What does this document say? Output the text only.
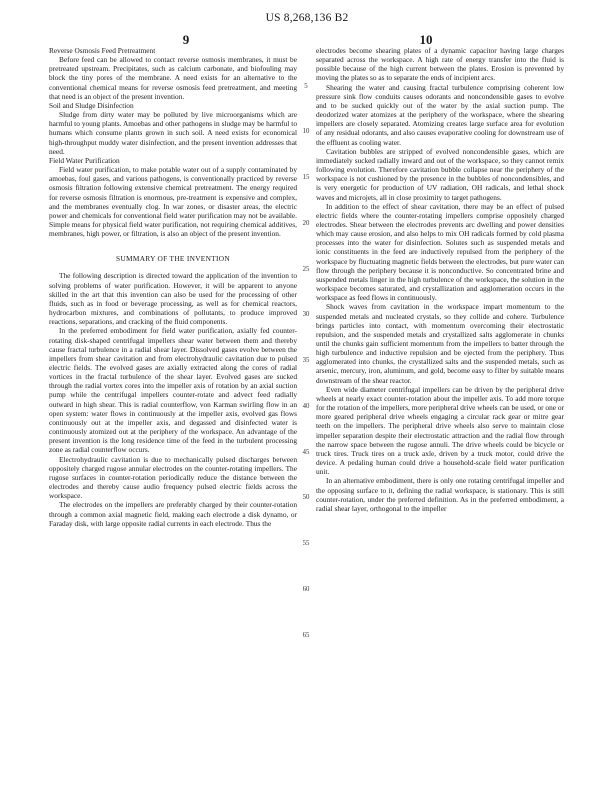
US 8,268,136 B2
9	10

Reverse Osmosis Feed Pretreatment

Before feed can be allowed to contact reverse osmosis membranes, it must be pretreated upstream. Precipitates, such as calcium carbonate, and biofouling may block the tiny pores of the membrane. A need exists for an alternative to the conventional chemical means for reverse osmosis feed pretreatment, and meeting that need is an object of the present invention.

Soil and Sludge Disinfection

Sludge from dirty water may be polluted by live microorganisms which are harmful to young plants. Amoebas and other pathogens in sludge may be harmful to humans which consume plants grown in such soil. A need exists for economical high-throughput muddy water disinfection, and the present invention addresses that need.

Field Water Purification

Field water purification, to make potable water out of a supply contaminated by amoebas, foul gases, and various pathogens, is conventionally practiced by reverse osmosis filtration following extensive chemical pretreatment. The energy required for reverse osmosis filtration is enormous, pre-treatment is expensive and complex, and the membranes eventually clog. In war zones, or disaster areas, the electric power and chemicals for conventional field water purification may not be available. Simple means for physical field water purification, not requiring chemical additives, membranes, high power, or filtration, is also an object of the present invention.

SUMMARY OF THE INVENTION

The following description is directed toward the application of the invention to solving problems of water purification. However, it will be apparent to anyone skilled in the art that this invention can also be used for the processing of other fluids, such as in food or beverage processing, as well as for chemical reactors, hydrocarbon mixtures, and combinations of pollutants, to produce improved reactions, separations, and cracking of the fluid components.

In the preferred embodiment for field water purification, axially fed counter-rotating disk-shaped centrifugal impellers shear water between them and thereby cause fractal turbulence in a radial shear layer. Dissolved gases evolve between the impellers from shear cavitation and from electrohydraulic cavitation due to pulsed electric fields. The evolved gases are axially extracted along the cores of radial vortices in the fractal turbulence of the shear layer. Evolved gases are sucked through the radial vortex cores into the impeller axis of rotation by an axial suction pump while the centrifugal impellers counter-rotate and advect feed radially outward in high shear. This is radial counterflow, von Karman swirling flow in an open system: water flows in continuously at the impeller axis, evolved gas flows continuously out at the impeller axis, and degassed and disinfected water is continuously atomized out at the periphery of the workspace. An advantage of the present invention is the long residence time of the feed in the turbulent processing zone as radial counterflow occurs.

Electrohydraulic cavitation is due to mechanically pulsed discharges between oppositely charged rugose annular electrodes on the counter-rotating impellers. The rugose surfaces in counter-rotation periodically reduce the distance between the electrodes and thereby cause audio frequency pulsed electric fields across the workspace.

The electrodes on the impellers are preferably charged by their counter-rotation through a common axial magnetic field, making each electrode a disk dynamo, or Faraday disk, with large opposite radial currents in each electrode. Thus the

electrodes become shearing plates of a dynamic capacitor having large charges separated across the workspace. A high rate of energy transfer into the fluid is possible because of the high current between the plates. Erosion is prevented by moving the plates so as to separate the ends of incipient arcs.

Shearing the water and causing fractal turbulence comprising coherent low pressure sink flow conduits causes odorants and noncondensible gases to evolve and to be sucked quickly out of the water by the axial suction pump. The deodorized water atomizes at the periphery of the workspace, where the shearing impellers are closely separated. Atomizing creates large surface area for evolution of any residual odorants, and also causes evaporative cooling for downstream use of the effluent as cooling water.

Cavitation bubbles are stripped of evolved noncondensible gases, which are immediately sucked radially inward and out of the workspace, so they cannot remix following evolution. Therefore cavitation bubble collapse near the periphery of the workspace is not cushioned by the presence in the bubbles of noncondensibles, and is very energetic for production of UV radiation, OH radicals, and lethal shock waves and microjets, all in close proximity to target pathogens.

In addition to the effect of shear cavitation, there may be an effect of pulsed electric fields where the counter-rotating impellers comprise oppositely charged electrodes. Shear between the electrodes prevents arc dwelling and power densities which may cause erosion, and also helps to mix OH radicals formed by cold plasma processes into the water for disinfection. Solutes such as suspended metals and ionic constituents in the feed are inductively repulsed from the periphery of the workspace by fluctuating magnetic fields between the electrodes, but pure water can flow through the periphery because it is nonconductive. So concentrated brine and suspended metals linger in the high turbulence of the workspace, the solution in the workspace becomes saturated, and crystallization and agglomeration occurs in the workspace as feed flows in continuously.

Shock waves from cavitation in the workspace impart momentum to the suspended metals and nucleated crystals, so they collide and cohere. Turbulence brings particles into contact, with momentum overcoming their electrostatic repulsion, and the suspended metals and crystallized salts agglomerate in chunks until the chunks gain sufficient momentum from the impellers to batter through the high turbulence and inductive repulsion and be ejected from the periphery. Thus agglomerated into chunks, the crystallized salts and the suspended metals, such as arsenic, mercury, iron, aluminum, and gold, become easy to filter by suitable means downstream of the shear reactor.

Even wide diameter centrifugal impellers can be driven by the peripheral drive wheels at nearly exact counter-rotation about the impeller axis. To add more torque for the rotation of the impellers, more peripheral drive wheels can be used, or one or more geared peripheral drive wheels engaging a circular rack gear or mitre gear teeth on the impellers. The peripheral drive wheels also serve to maintain close impeller separation despite their electrostatic attraction and the radial flow through the narrow space between the rugose annuli. The drive wheels could be bicycle or truck tires. Truck tires on a truck axle, driven by a truck motor, could drive the device. A pedaling human could drive a household-scale field water purification unit.

In an alternative embodiment, there is only one rotating centrifugal impeller and the opposing surface to it, defining the radial workspace, is stationary. This is still counter-rotation, under the preferred definition. As in the preferred embodiment, a radial shear layer, orthogonal to the impeller

5
10
15
20
25
30
35
40
45
50
55
60
65
